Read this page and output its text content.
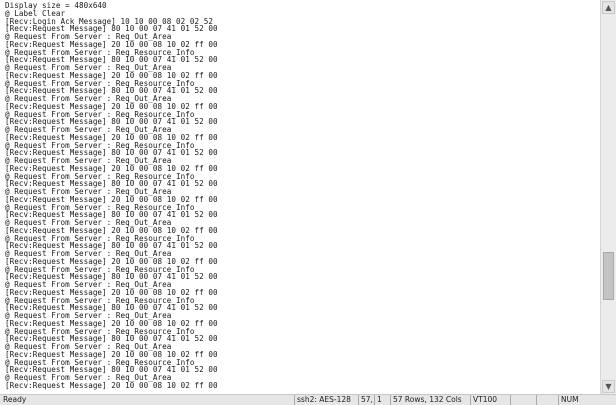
Display size = 480x640
@ Label Clear
[Recv:Login Ack Message] 10 10 00 08 02 02 52
[Recv:Request Message] 80 10 00 07 41 01 52 00
@ Request From Server : Req_Out_Area
[Recv:Request Message] 20 10 00 08 10 02 ff 00
@ Request From Server : Req_Resource_Info
[Recv:Request Message] 80 10 00 07 41 01 52 00
@ Request From Server : Req_Out_Area
[Recv:Request Message] 20 10 00 08 10 02 ff 00
@ Request From Server : Req_Resource_Info
[Recv:Request Message] 80 10 00 07 41 01 52 00
@ Request From Server : Req_Out_Area
[Recv:Request Message] 20 10 00 08 10 02 ff 00
@ Request From Server : Req_Resource_Info
[Recv:Request Message] 80 10 00 07 41 01 52 00
@ Request From Server : Req_Out_Area
[Recv:Request Message] 20 10 00 08 10 02 ff 00
@ Request From Server : Req_Resource_Info
[Recv:Request Message] 80 10 00 07 41 01 52 00
@ Request From Server : Req_Out_Area
[Recv:Request Message] 20 10 00 08 10 02 ff 00
@ Request From Server : Req_Resource_Info
[Recv:Request Message] 80 10 00 07 41 01 52 00
@ Request From Server : Req_Out_Area
[Recv:Request Message] 20 10 00 08 10 02 ff 00
@ Request From Server : Req_Resource_Info
[Recv:Request Message] 80 10 00 07 41 01 52 00
@ Request From Server : Req_Out_Area
[Recv:Request Message] 20 10 00 08 10 02 ff 00
@ Request From Server : Req_Resource_Info
[Recv:Request Message] 80 10 00 07 41 01 52 00
@ Request From Server : Req_Out_Area
[Recv:Request Message] 20 10 00 08 10 02 ff 00
@ Request From Server : Req_Resource_Info
[Recv:Request Message] 80 10 00 07 41 01 52 00
@ Request From Server : Req_Out_Area
[Recv:Request Message] 20 10 00 08 10 02 ff 00
@ Request From Server : Req_Resource_Info
[Recv:Request Message] 80 10 00 07 41 01 52 00
@ Request From Server : Req_Out_Area
[Recv:Request Message] 20 10 00 08 10 02 ff 00
@ Request From Server : Req_Resource_Info
[Recv:Request Message] 80 10 00 07 41 01 52 00
@ Request From Server : Req_Out_Area
[Recv:Request Message] 20 10 00 08 10 02 ff 00
@ Request From Server : Req_Resource_Info
[Recv:Request Message] 80 10 00 07 41 01 52 00
@ Request From Server : Req_Out_Area
[Recv:Request Message] 20 10 00 08 10 02 ff 00
▲
▼
Ready	ssh2: AES-128	57, 1	57 Rows, 132 Cols	VT100	NUM
